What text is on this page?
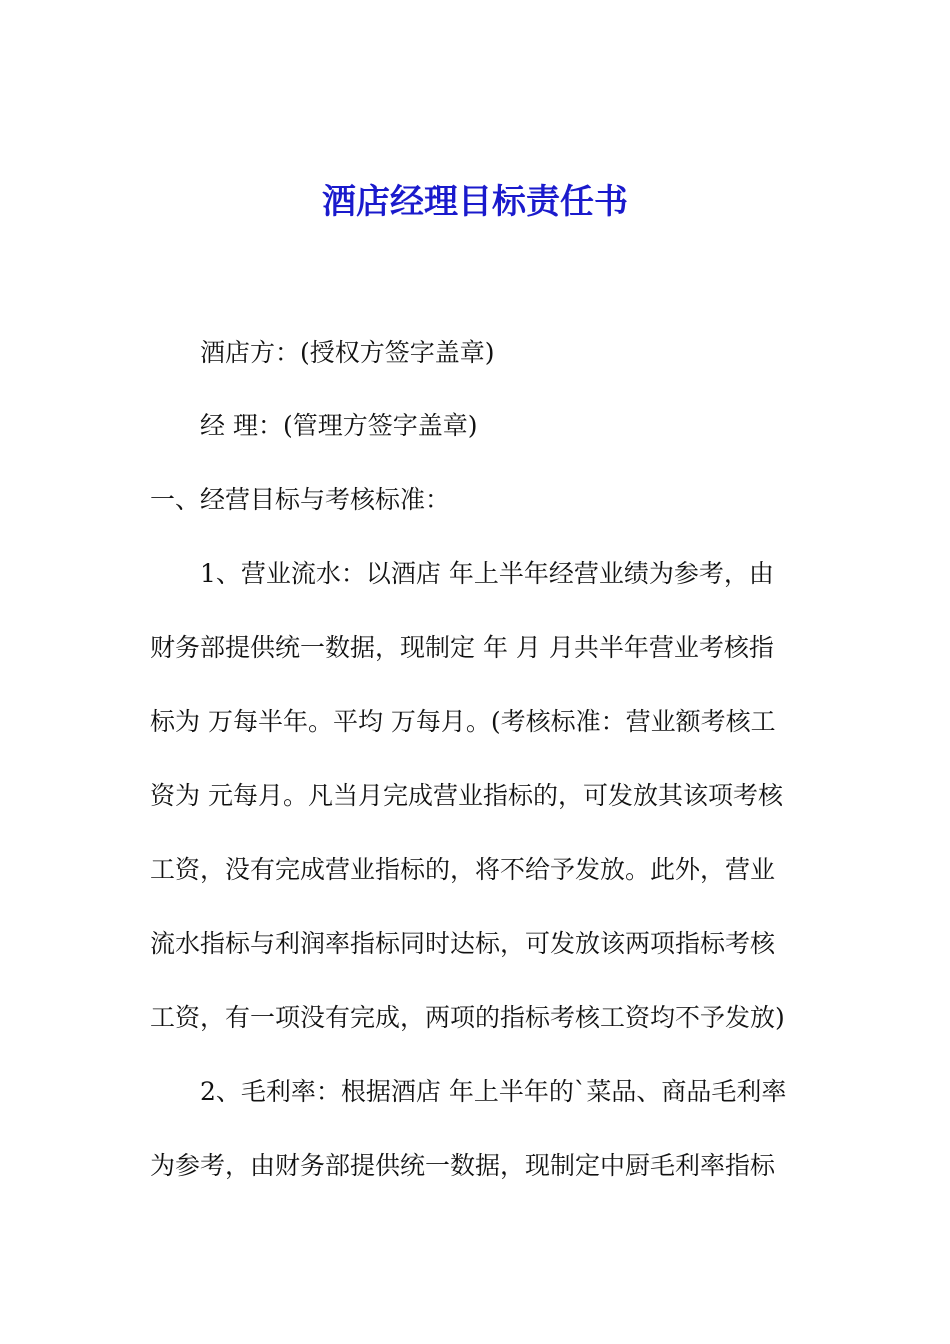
酒店经理目标责任书

酒店方：(授权方签字盖章)

经 理：(管理方签字盖章)

一、经营目标与考核标准：

1、营业流水：以酒店 年上半年经营业绩为参考，由

财务部提供统一数据，现制定 年 月 月共半年营业考核指

标为 万每半年。平均 万每月。(考核标准：营业额考核工

资为 元每月。凡当月完成营业指标的，可发放其该项考核

工资，没有完成营业指标的，将不给予发放。此外，营业

流水指标与利润率指标同时达标，可发放该两项指标考核

工资，有一项没有完成，两项的指标考核工资均不予发放)

2、毛利率：根据酒店 年上半年的`菜品、商品毛利率

为参考，由财务部提供统一数据，现制定中厨毛利率指标
